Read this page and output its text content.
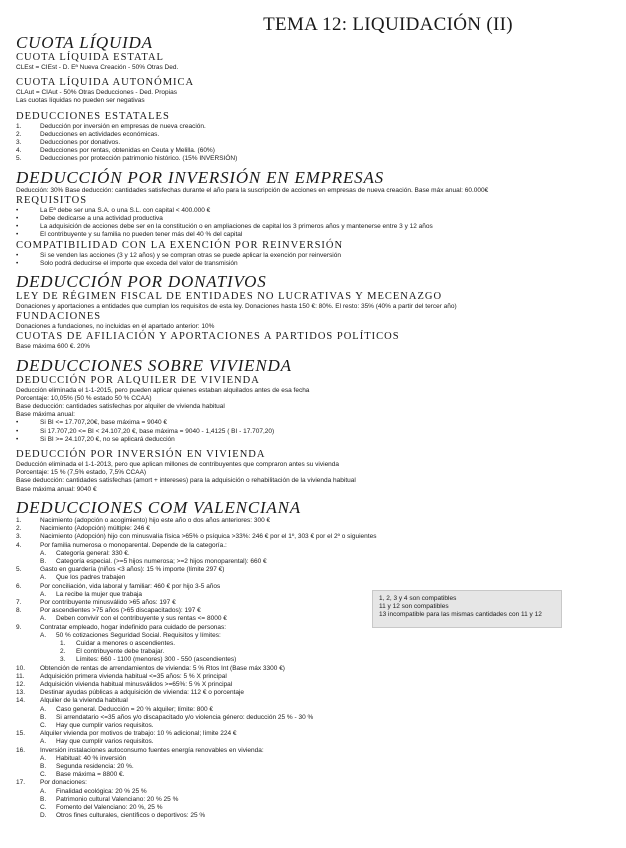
TEMA 12: LIQUIDACIÓN (II)
CUOTA LÍQUIDA
CUOTA LÍQUIDA ESTATAL

CLEst = CIEst - D. Eª Nueva Creación - 50% Otras Ded.

CUOTA LÍQUIDA AUTONÓMICA

CLAut = CIAut - 50% Otras Deducciones - Ded. Propias

Las cuotas líquidas no pueden ser negativas

DEDUCCIONES ESTATALES
1.	Deducción por inversión en empresas de nueva creación.
2.	Deducciones en actividades económicas.
3.	Deducciones por donativos.
4.	Deducciones por rentas, obtenidas en Ceuta y Melilla. (60%)
5.	Deducciones por protección patrimonio histórico. (15% INVERSIÓN)
DEDUCCIÓN POR INVERSIÓN EN EMPRESAS

Deducción: 30% Base deducción: cantidades satisfechas durante el año para la suscripción de acciones en empresas de nueva creación. Base máx anual: 60.000€

REQUISITOS
•	La Eª debe ser una S.A. o una S.L. con capital < 400.000 €
•	Debe dedicarse a una actividad productiva
•	La adquisición de acciones debe ser en la constitución o en ampliaciones de capital los 3 primeros años y mantenerse entre 3 y 12 años
•	El contribuyente y su familia no pueden tener más del 40 % del capital
COMPATIBILIDAD CON LA EXENCIÓN POR REINVERSIÓN
•	Si se venden las acciones (3 y 12 años) y se compran otras se puede aplicar la exención por reinversión
•	Solo podrá deducirse el importe que exceda del valor de transmisión
DEDUCCIÓN POR DONATIVOS
LEY DE RÉGIMEN FISCAL DE ENTIDADES NO LUCRATIVAS Y MECENAZGO

Donaciones y aportaciones a entidades que cumplan los requisitos de esta ley. Donaciones hasta 150 €: 80%. El resto: 35% (40% a partir del tercer año)

FUNDACIONES

Donaciones a fundaciones, no incluidas en el apartado anterior: 10%

CUOTAS DE AFILIACIÓN Y APORTACIONES A PARTIDOS POLÍTICOS

Base máxima 600 €. 20%

DEDUCCIONES SOBRE VIVIENDA
DEDUCCIÓN POR ALQUILER DE VIVIENDA

Deducción eliminada el 1-1-2015, pero pueden aplicar quienes estaban alquilados antes de esa fecha

Porcentaje: 10,05% (50 % estado 50 % CCAA)

Base deducción: cantidades satisfechas por alquiler de vivienda habitual

Base máxima anual:

•	Si BI <= 17.707,20€, base máxima = 9040 €
•	Si 17.707,20 <= BI < 24.107,20 €, base máxima = 9040 - 1,4125 ( BI - 17.707,20)
•	Si BI >= 24.107,20 €, no se aplicará deducción
DEDUCCIÓN POR INVERSIÓN EN VIVIENDA

Deducción eliminada el 1-1-2013, pero que aplican millones de contribuyentes que compraron antes su vivienda

Porcentaje: 15 % (7,5% estado, 7,5% CCAA)

Base deducción: cantidades satisfechas (amort + intereses) para la adquisición o rehabilitación de la vivienda habitual

Base máxima anual: 9040 €

DEDUCCIONES COM VALENCIANA
1.	Nacimiento (adopción o acogimiento) hijo este año o dos años anteriores: 300 €
2.	Nacimiento (Adopción) múltiple: 246 €
3.	Nacimiento (Adopción) hijo con minusvalía física >65% o psíquica >33%: 246 € por el 1º, 303 € por el 2º o siguientes
4.	Por familia numerosa o monoparental. Depende de la categoría.:
A. Categoría general: 330 €.
B. Categoría especial. (>=5 hijos numerosa; >=2 hijos monoparental): 660 €
5.	Gasto en guardería (niños <3 años): 15 % importe (límite 297 €)
A. Que los padres trabajen
6.	Por conciliación, vida laboral y familiar: 460 € por hijo 3-5 años
A. La recibe la mujer que trabaja
7.	Por contribuyente minusválido >65 años: 197 €
8.	Por ascendientes >75 años (>65 discapacitados): 197 €
A. Deben convivir con el contribuyente y sus rentas <= 8000 €
9.	Contratar empleado, hogar indefinido para cuidado de personas:
A. 50 % cotizaciones Seguridad Social. Requisitos y límites:
1. Cuidar a menores o ascendientes.
2. El contribuyente debe trabajar.
3. Límites: 660 - 1100 (menores) 300 - 550 (ascendientes)
10. Obtención de rentas de arrendamientos de vivienda: 5 % Rtos Int (Base máx 3300 €)
11. Adquisición primera vivienda habitual <=35 años: 5 % X principal
12. Adquisición vivienda habitual minusválidos >=65%: 5 % X principal
13. Destinar ayudas públicas a adquisición de vivienda: 112 € o porcentaje
14. Alquiler de la vivienda habitual
A. Caso general. Deducción = 20 % alquiler; límite: 800 €
B. Si arrendatario <=35 años y/o discapacitado y/o violencia género: deducción 25 % - 30 %
C. Hay que cumplir varios requisitos.
15. Alquiler vivienda por motivos de trabajo: 10 % adicional; límite 224 €
A. Hay que cumplir varios requisitos.
16. Inversión instalaciones autoconsumo fuentes energía renovables en vivienda:
A. Habitual: 40 % inversión
B. Segunda residencia: 20 %.
C. Base máxima = 8800 €.
17. Por donaciones:
A. Finalidad ecológica: 20 % 25 %
B. Patrimonio cultural Valenciano: 20 % 25 %
C. Fomento del Valenciano: 20 %, 25 %
D. Otros fines culturales, científicos o deportivos: 25 %

1, 2, 3 y 4 son compatibles

11 y 12 son compatibles

13 incompatible para las mismas cantidades con 11 y 12
